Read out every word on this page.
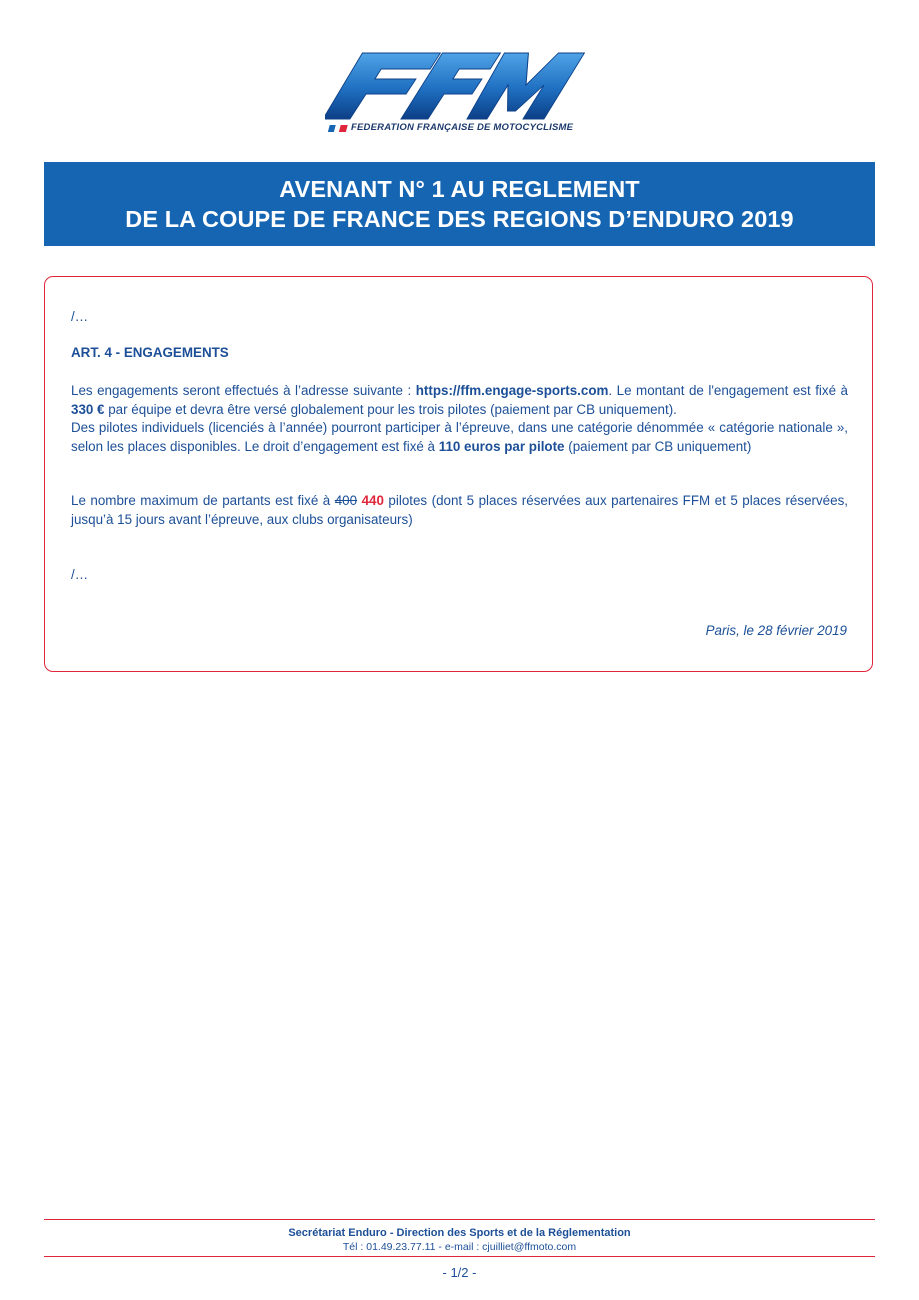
FEDERATION FRANÇAISE DE MOTOCYCLISME
AVENANT N° 1 AU REGLEMENT
DE LA COUPE DE FRANCE DES REGIONS D’ENDURO 2019
/…
ART. 4 - ENGAGEMENTS
Les engagements seront effectués à l’adresse suivante : https://ffm.engage-sports.com. Le montant de l'engagement est fixé à 330 € par équipe et devra être versé globalement pour les trois pilotes (paiement par CB uniquement).
Des pilotes individuels (licenciés à l’année) pourront participer à l’épreuve, dans une catégorie dénommée « catégorie nationale », selon les places disponibles. Le droit d’engagement est fixé à 110 euros par pilote (paiement par CB uniquement)
Le nombre maximum de partants est fixé à 400 440 pilotes (dont 5 places réservées aux partenaires FFM et 5 places réservées, jusqu’à 15 jours avant l’épreuve, aux clubs organisateurs)
/…
Paris, le 28 février 2019
Secrétariat Enduro - Direction des Sports et de la Réglementation
Tél : 01.49.23.77.11 - e-mail : cjuilliet@ffmoto.com
- 1/2 -
